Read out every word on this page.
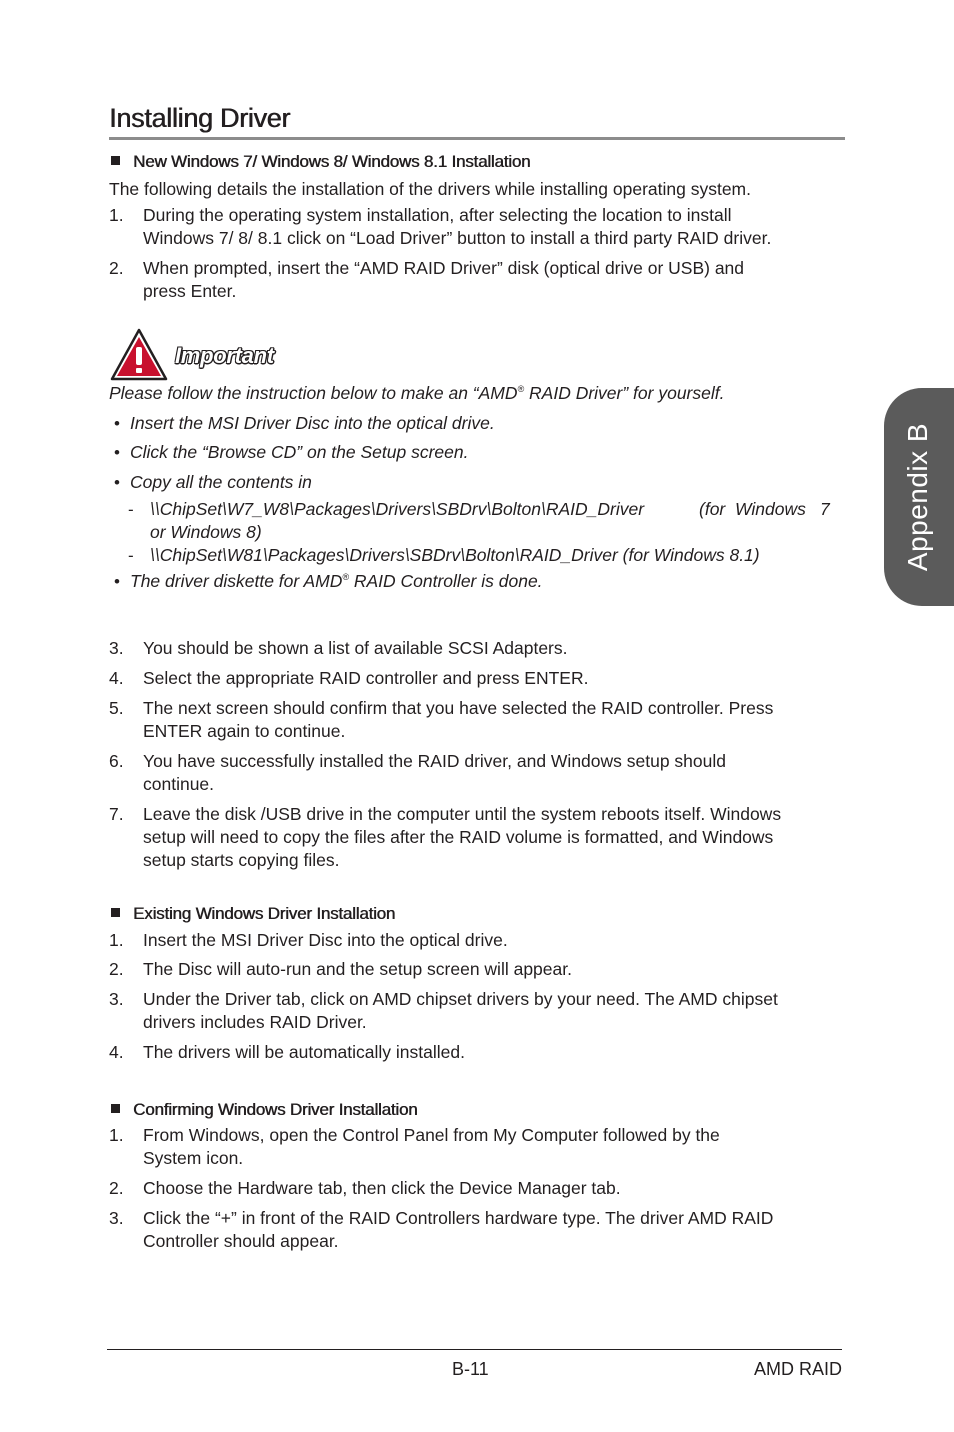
Installing Driver
Appendix B
New Windows 7/ Windows 8/ Windows 8.1 Installation
The following details the installation of the drivers while installing operating system.
1. During the operating system installation, after selecting the location to install
Windows 7/ 8/ 8.1 click on “Load Driver” button to install a third party RAID driver.
2. When prompted, insert the “AMD RAID Driver” disk (optical drive or USB) and
press Enter.
Important
Please follow the instruction below to make an “AMD® RAID Driver” for yourself.
• Insert the MSI Driver Disc into the optical drive.
• Click the “Browse CD” on the Setup screen.
• Copy all the contents in
- \\ChipSet\W7_W8\Packages\Drivers\SBDrv\Bolton\RAID_Driver	(for Windows 7
or Windows 8)
- \\ChipSet\W81\Packages\Drivers\SBDrv\Bolton\RAID_Driver (for Windows 8.1)
• The driver diskette for AMD® RAID Controller is done.
3. You should be shown a list of available SCSI Adapters.
4. Select the appropriate RAID controller and press ENTER.
5. The next screen should confirm that you have selected the RAID controller. Press
ENTER again to continue.
6. You have successfully installed the RAID driver, and Windows setup should
continue.
7. Leave the disk /USB drive in the computer until the system reboots itself. Windows
setup will need to copy the files after the RAID volume is formatted, and Windows
setup starts copying files.
Existing Windows Driver Installation
1. Insert the MSI Driver Disc into the optical drive.
2. The Disc will auto-run and the setup screen will appear.
3. Under the Driver tab, click on AMD chipset drivers by your need. The AMD chipset
drivers includes RAID Driver.
4. The drivers will be automatically installed.
Confirming Windows Driver Installation
1. From Windows, open the Control Panel from My Computer followed by the
System icon.
2. Choose the Hardware tab, then click the Device Manager tab.
3. Click the “+” in front of the RAID Controllers hardware type. The driver AMD RAID
Controller should appear.
B-11	AMD RAID
